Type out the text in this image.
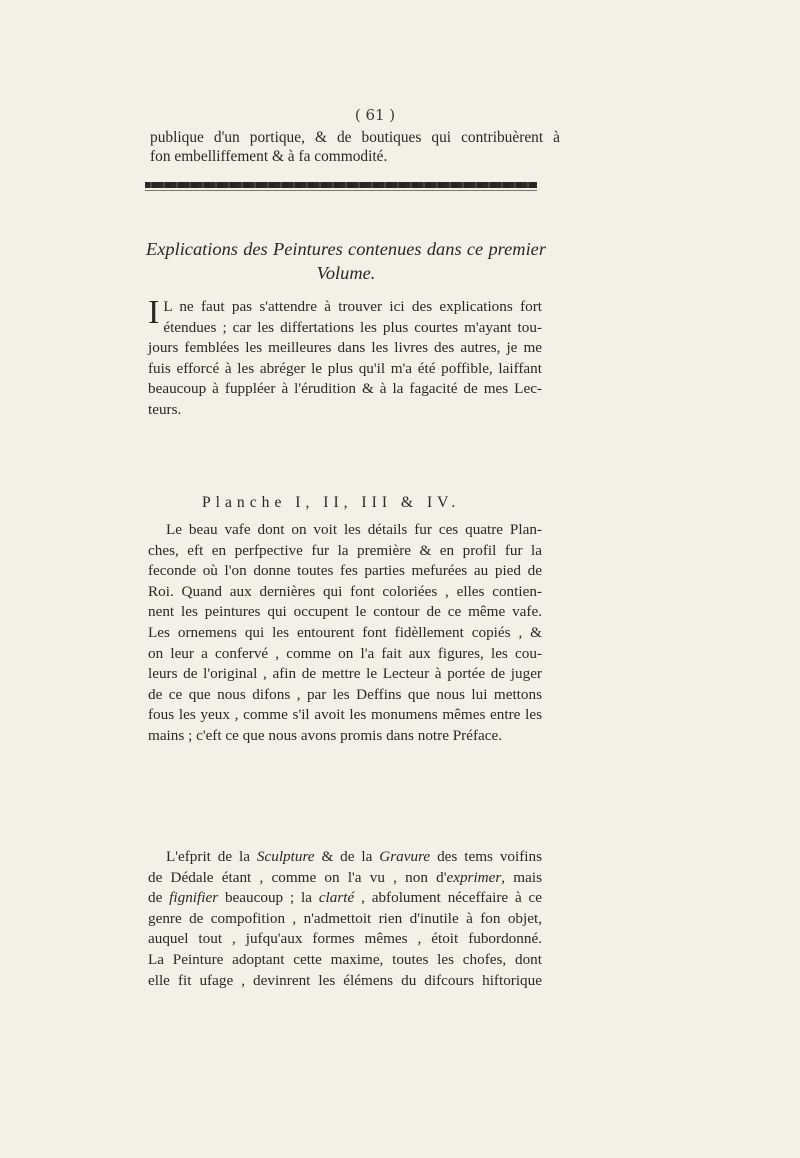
( 61 )
publique d'un portique, & de boutiques qui contribuèrent à
fon embelliffement & à fa commodité.
Explications des Peintures contenues dans ce premier
Volume.
I L ne faut pas s'attendre à trouver ici des explications fort
étendues ; car les differtations les plus courtes m'ayant tou-
jours femblées les meilleures dans les livres des autres, je me
fuis efforcé à les abréger le plus qu'il m'a été poffible, laiffant
beaucoup à fuppléer à l'érudition & à la fagacité de mes Lec-
teurs.
Planche I, II, III & IV.
Le beau vafe dont on voit les détails fur ces quatre Plan-
ches, eft en perfpective fur la première & en profil fur la
feconde où l'on donne toutes fes parties mefurées au pied de
Roi. Quand aux dernières qui font coloriées , elles contien-
nent les peintures qui occupent le contour de ce même vafe.
Les ornemens qui les entourent font fidèllement copiés , &
on leur a confervé , comme on l'a fait aux figures, les cou-
leurs de l'original , afin de mettre le Lecteur à portée de juger
de ce que nous difons , par les Deffins que nous lui mettons
fous les yeux , comme s'il avoit les monumens mêmes entre les
mains ; c'eft ce que nous avons promis dans notre Préface.
L'efprit de la Sculpture & de la Gravure des tems voifins
de Dédale étant , comme on l'a vu , non d'exprimer, mais
de fignifier beaucoup ; la clarté , abfolument néceffaire à ce
genre de compofition , n'admettoit rien d'inutile à fon objet,
auquel tout , jufqu'aux formes mêmes , étoit fubordonné.
La Peinture adoptant cette maxime, toutes les chofes, dont
elle fit ufage , devinrent les élémens du difcours hiftorique
